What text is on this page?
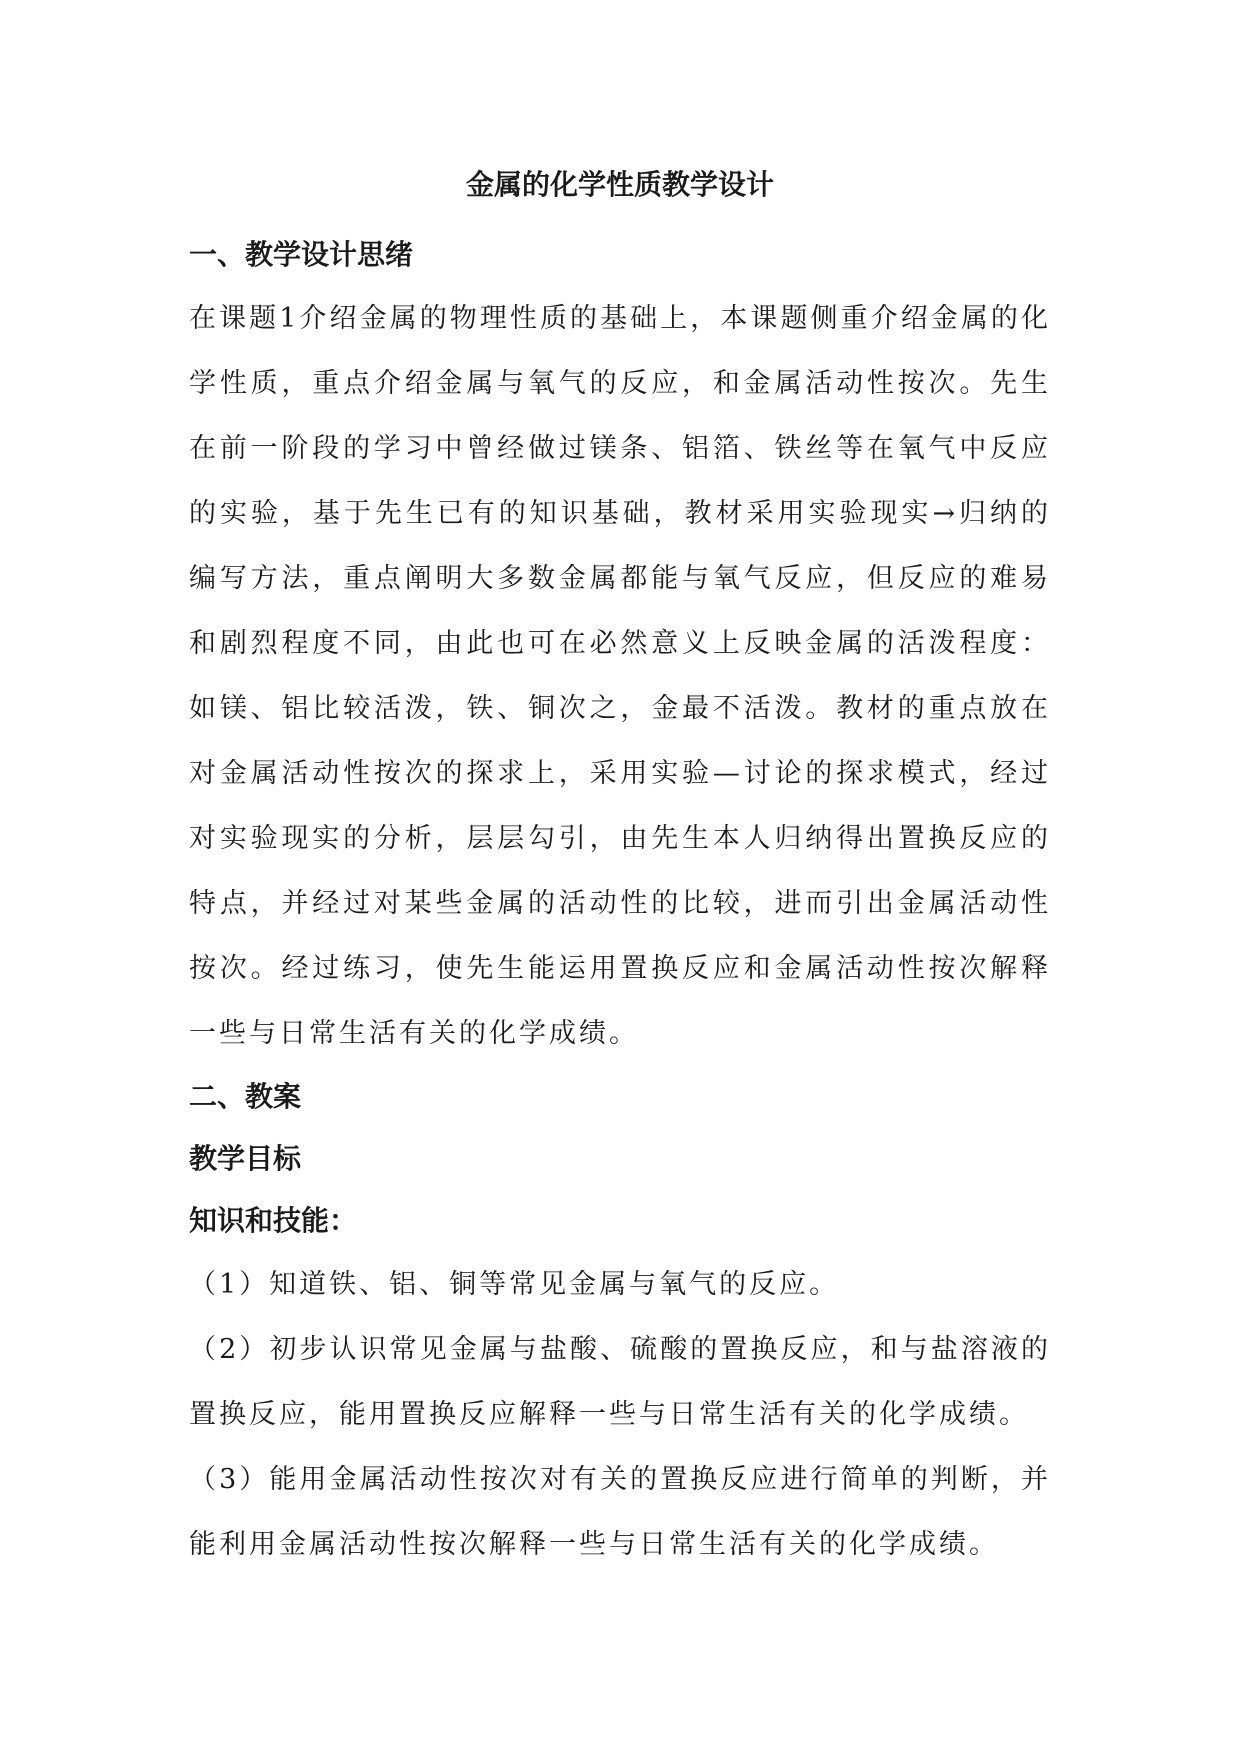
金属的化学性质教学设计
一、教学设计思绪

在课题1介绍金属的物理性质的基础上，本课题侧重介绍金属的化学性质，重点介绍金属与氧气的反应，和金属活动性按次。先生在前一阶段的学习中曾经做过镁条、铝箔、铁丝等在氧气中反应的实验，基于先生已有的知识基础，教材采用实验现实→归纳的编写方法，重点阐明大多数金属都能与氧气反应，但反应的难易和剧烈程度不同，由此也可在必然意义上反映金属的活泼程度：如镁、铝比较活泼，铁、铜次之，金最不活泼。教材的重点放在对金属活动性按次的探求上，采用实验—讨论的探求模式，经过对实验现实的分析，层层勾引，由先生本人归纳得出置换反应的特点，并经过对某些金属的活动性的比较，进而引出金属活动性按次。经过练习，使先生能运用置换反应和金属活动性按次解释一些与日常生活有关的化学成绩。

二、教案
教学目标
知识和技能：

（1）知道铁、铝、铜等常见金属与氧气的反应。

（2）初步认识常见金属与盐酸、硫酸的置换反应，和与盐溶液的置换反应，能用置换反应解释一些与日常生活有关的化学成绩。

（3）能用金属活动性按次对有关的置换反应进行简单的判断，并能利用金属活动性按次解释一些与日常生活有关的化学成绩。
